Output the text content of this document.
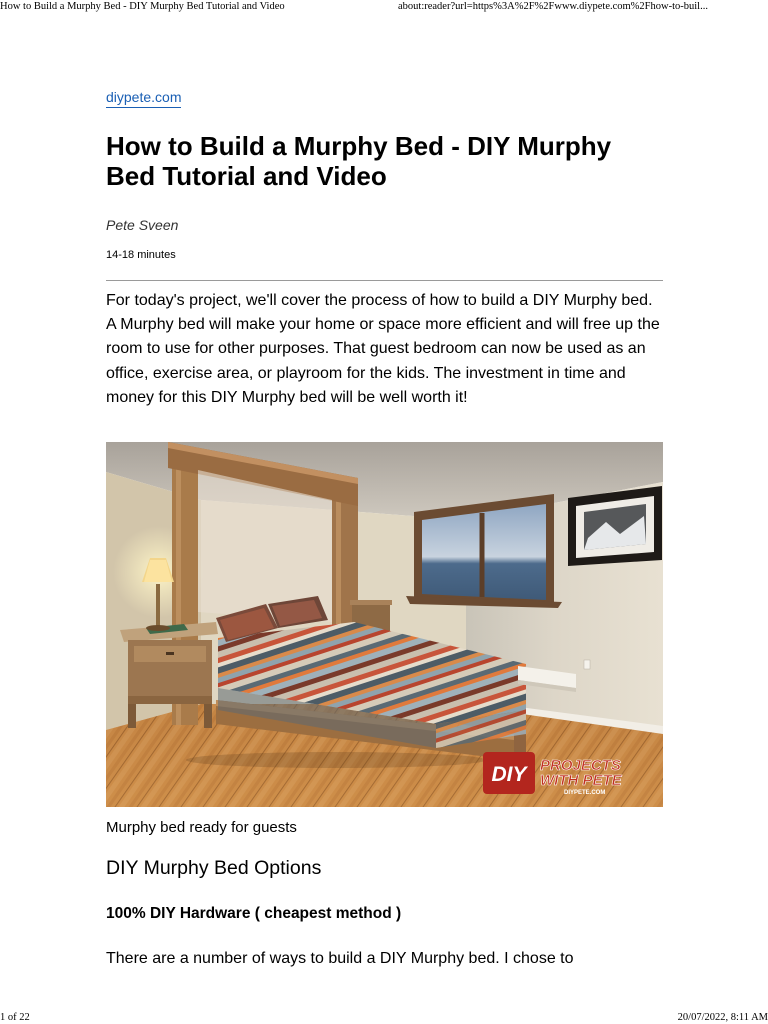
How to Build a Murphy Bed - DIY Murphy Bed Tutorial and Video	about:reader?url=https%3A%2F%2Fwww.diypete.com%2Fhow-to-buil...
diypete.com
How to Build a Murphy Bed - DIY Murphy Bed Tutorial and Video
Pete Sveen
14-18 minutes

For today's project, we'll cover the process of how to build a DIY Murphy bed. A Murphy bed will make your home or space more efficient and will free up the room to use for other purposes. That guest bedroom can now be used as an office, exercise area, or playroom for the kids. The investment in time and money for this DIY Murphy bed will be well worth it!

DIY PROJECTS
WITH PETE
DIYPETE.COM
Murphy bed ready for guests
DIY Murphy Bed Options
100% DIY Hardware ( cheapest method )

There are a number of ways to build a DIY Murphy bed. I chose to

1 of 22	20/07/2022, 8:11 AM
